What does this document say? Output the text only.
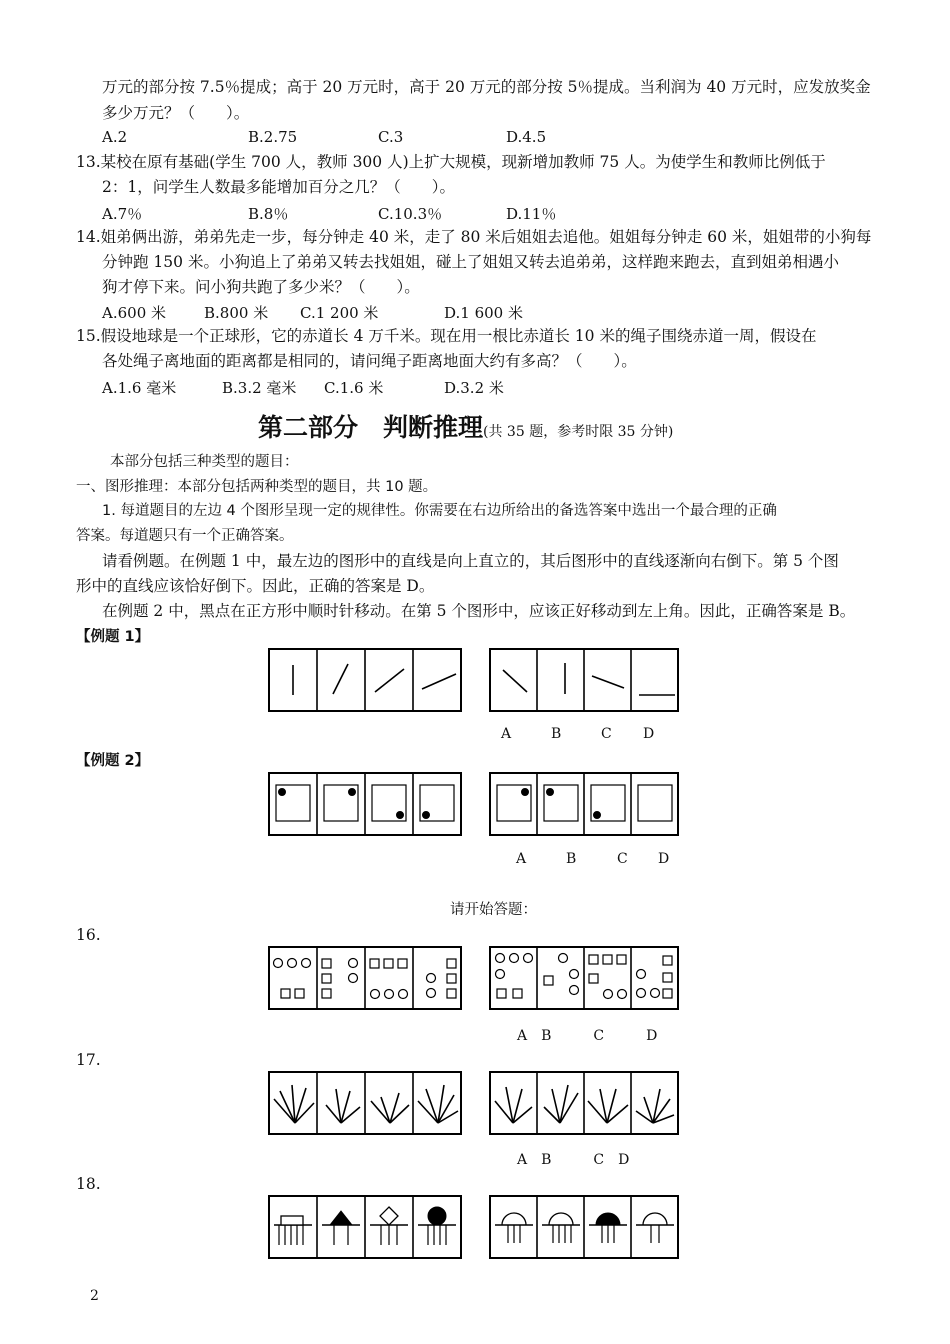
万元的部分按 7.5％提成；高于 20 万元时，高于 20 万元的部分按 5％提成。当利润为 40 万元时，应发放奖金
多少万元？（　　）。
A.2	B.2.75	C.3	D.4.5
13.某校在原有基础(学生 700 人，教师 300 人)上扩大规模，现新增加教师 75 人。为使学生和教师比例低于
2：1，问学生人数最多能增加百分之几？（　　）。
A.7％	B.8％	C.10.3％	D.11％
14.姐弟俩出游，弟弟先走一步，每分钟走 40 米，走了 80 米后姐姐去追他。姐姐每分钟走 60 米，姐姐带的小狗每
分钟跑 150 米。小狗追上了弟弟又转去找姐姐，碰上了姐姐又转去追弟弟，这样跑来跑去，直到姐弟相遇小
狗才停下来。问小狗共跑了多少米？（　　）。
A.600 米	B.800 米 C.1 200 米	D.1 600 米
15.假设地球是一个正球形，它的赤道长 4 万千米。现在用一根比赤道长 10 米的绳子围绕赤道一周，假设在
各处绳子离地面的距离都是相同的，请问绳子距离地面大约有多高？（　　）。
A.1.6 毫米	B.3.2 毫米 C.1.6 米	D.3.2 米
第二部分　判断推理(共 35 题，参考时限 35 分钟)
本部分包括三种类型的题目：
一、图形推理：本部分包括两种类型的题目，共 10 题。
1. 每道题目的左边 4 个图形呈现一定的规律性。你需要在右边所给出的备选答案中选出一个最合理的正确
答案。每道题只有一个正确答案。
请看例题。在例题 1 中，最左边的图形中的直线是向上直立的，其后图形中的直线逐渐向右倒下。第 5 个图
形中的直线应该恰好倒下。因此，正确的答案是 D。
在例题 2 中，黑点在正方形中顺时针移动。在第 5 个图形中，应该正好移动到左上角。因此，正确答案是 B。
【例题 1】
A	B	C D
【例题 2】
A	B	C D
请开始答题：
16.
A　B　　　C　　　D
17.
A　B　　　C　D
18.
2
